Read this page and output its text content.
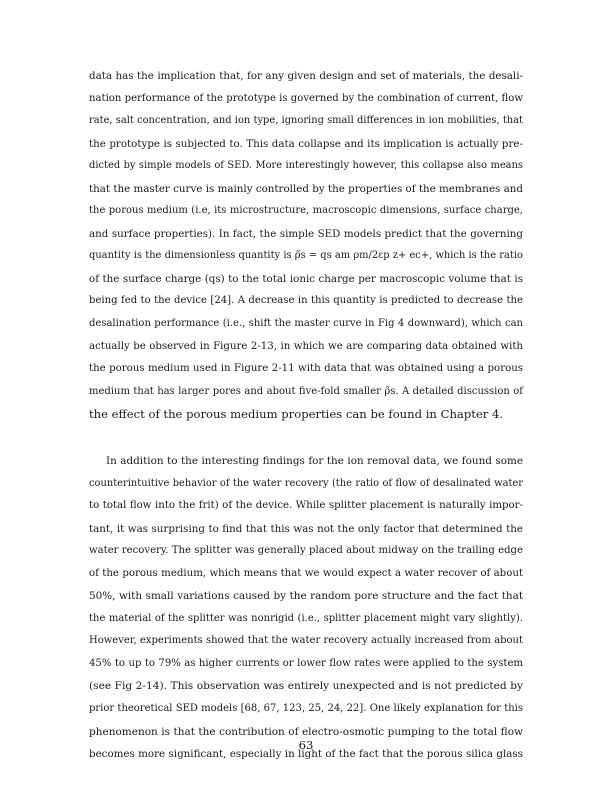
data has the implication that, for any given design and set of materials, the desali-
nation performance of the prototype is governed by the combination of current, flow
rate, salt concentration, and ion type, ignoring small differences in ion mobilities, that
the prototype is subjected to. This data collapse and its implication is actually pre-
dicted by simple models of SED. More interestingly however, this collapse also means
that the master curve is mainly controlled by the properties of the membranes and
the porous medium (i.e, its microstructure, macroscopic dimensions, surface charge,
and surface properties). In fact, the simple SED models predict that the governing
quantity is the dimensionless quantity is ρ̃s = qs am ρm/2εp z+ ec+, which is the ratio
of the surface charge (qs) to the total ionic charge per macroscopic volume that is
being fed to the device [24]. A decrease in this quantity is predicted to decrease the
desalination performance (i.e., shift the master curve in Fig 4 downward), which can
actually be observed in Figure 2-13, in which we are comparing data obtained with
the porous medium used in Figure 2-11 with data that was obtained using a porous
medium that has larger pores and about five-fold smaller ρ̃s. A detailed discussion of
the effect of the porous medium properties can be found in Chapter 4.
In addition to the interesting findings for the ion removal data, we found some
counterintuitive behavior of the water recovery (the ratio of flow of desalinated water
to total flow into the frit) of the device. While splitter placement is naturally impor-
tant, it was surprising to find that this was not the only factor that determined the
water recovery. The splitter was generally placed about midway on the trailing edge
of the porous medium, which means that we would expect a water recover of about
50%, with small variations caused by the random pore structure and the fact that
the material of the splitter was nonrigid (i.e., splitter placement might vary slightly).
However, experiments showed that the water recovery actually increased from about
45% to up to 79% as higher currents or lower flow rates were applied to the system
(see Fig 2-14). This observation was entirely unexpected and is not predicted by
prior theoretical SED models [68, 67, 123, 25, 24, 22]. One likely explanation for this
phenomenon is that the contribution of electro-osmotic pumping to the total flow
becomes more significant, especially in light of the fact that the porous silica glass
63
